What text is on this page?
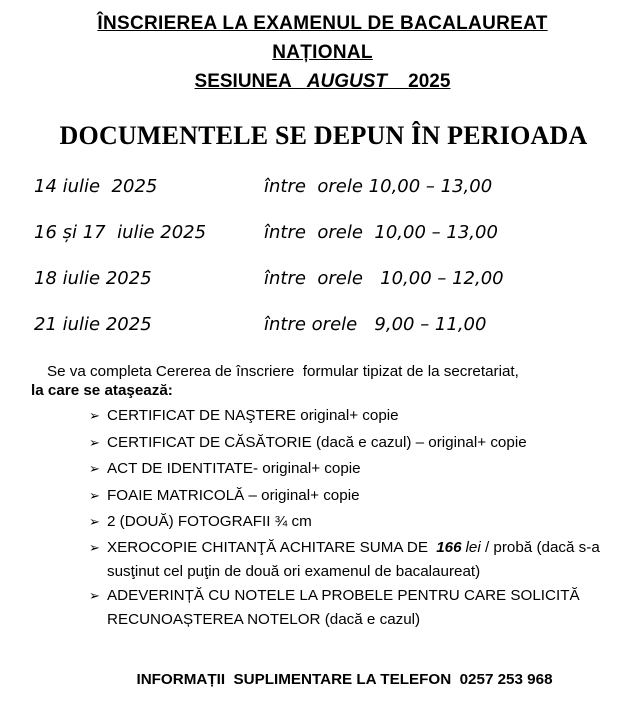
ÎNSCRIEREA LA EXAMENUL DE BACALAUREAT

NAȚIONAL

SESIUNEA AUGUST 2025
DOCUMENTELE SE DEPUN ÎN PERIOADA
14 iulie  2025	între  orele 10,00 – 13,00
16 și 17  iulie 2025	între  orele  10,00 – 13,00
18 iulie 2025	între  orele   10,00 – 12,00
21 iulie 2025	între orele   9,00 – 11,00

Se va completa Cererea de înscriere  formular tipizat de la secretariat,

la care se ataşează:

➢ CERTIFICAT DE NAŞTERE original+ copie
➢ CERTIFICAT DE CĂSĂTORIE (dacă e cazul) – original+ copie
➢ ACT DE IDENTITATE- original+ copie
➢ FOAIE MATRICOLĂ – original+ copie
➢ 2 (DOUĂ) FOTOGRAFII ¾ cm
➢ XEROCOPIE CHITANŢĂ ACHITARE SUMA DE 166 lei / probă (dacă s-a susţinut cel puţin de două ori examenul de bacalaureat)
➢ ADEVERINȚĂ CU NOTELE LA PROBELE PENTRU CARE SOLICITĂ RECUNOAȘTEREA NOTELOR (dacă e cazul)
INFORMAȚII  SUPLIMENTARE LA TELEFON  0257 253 968
